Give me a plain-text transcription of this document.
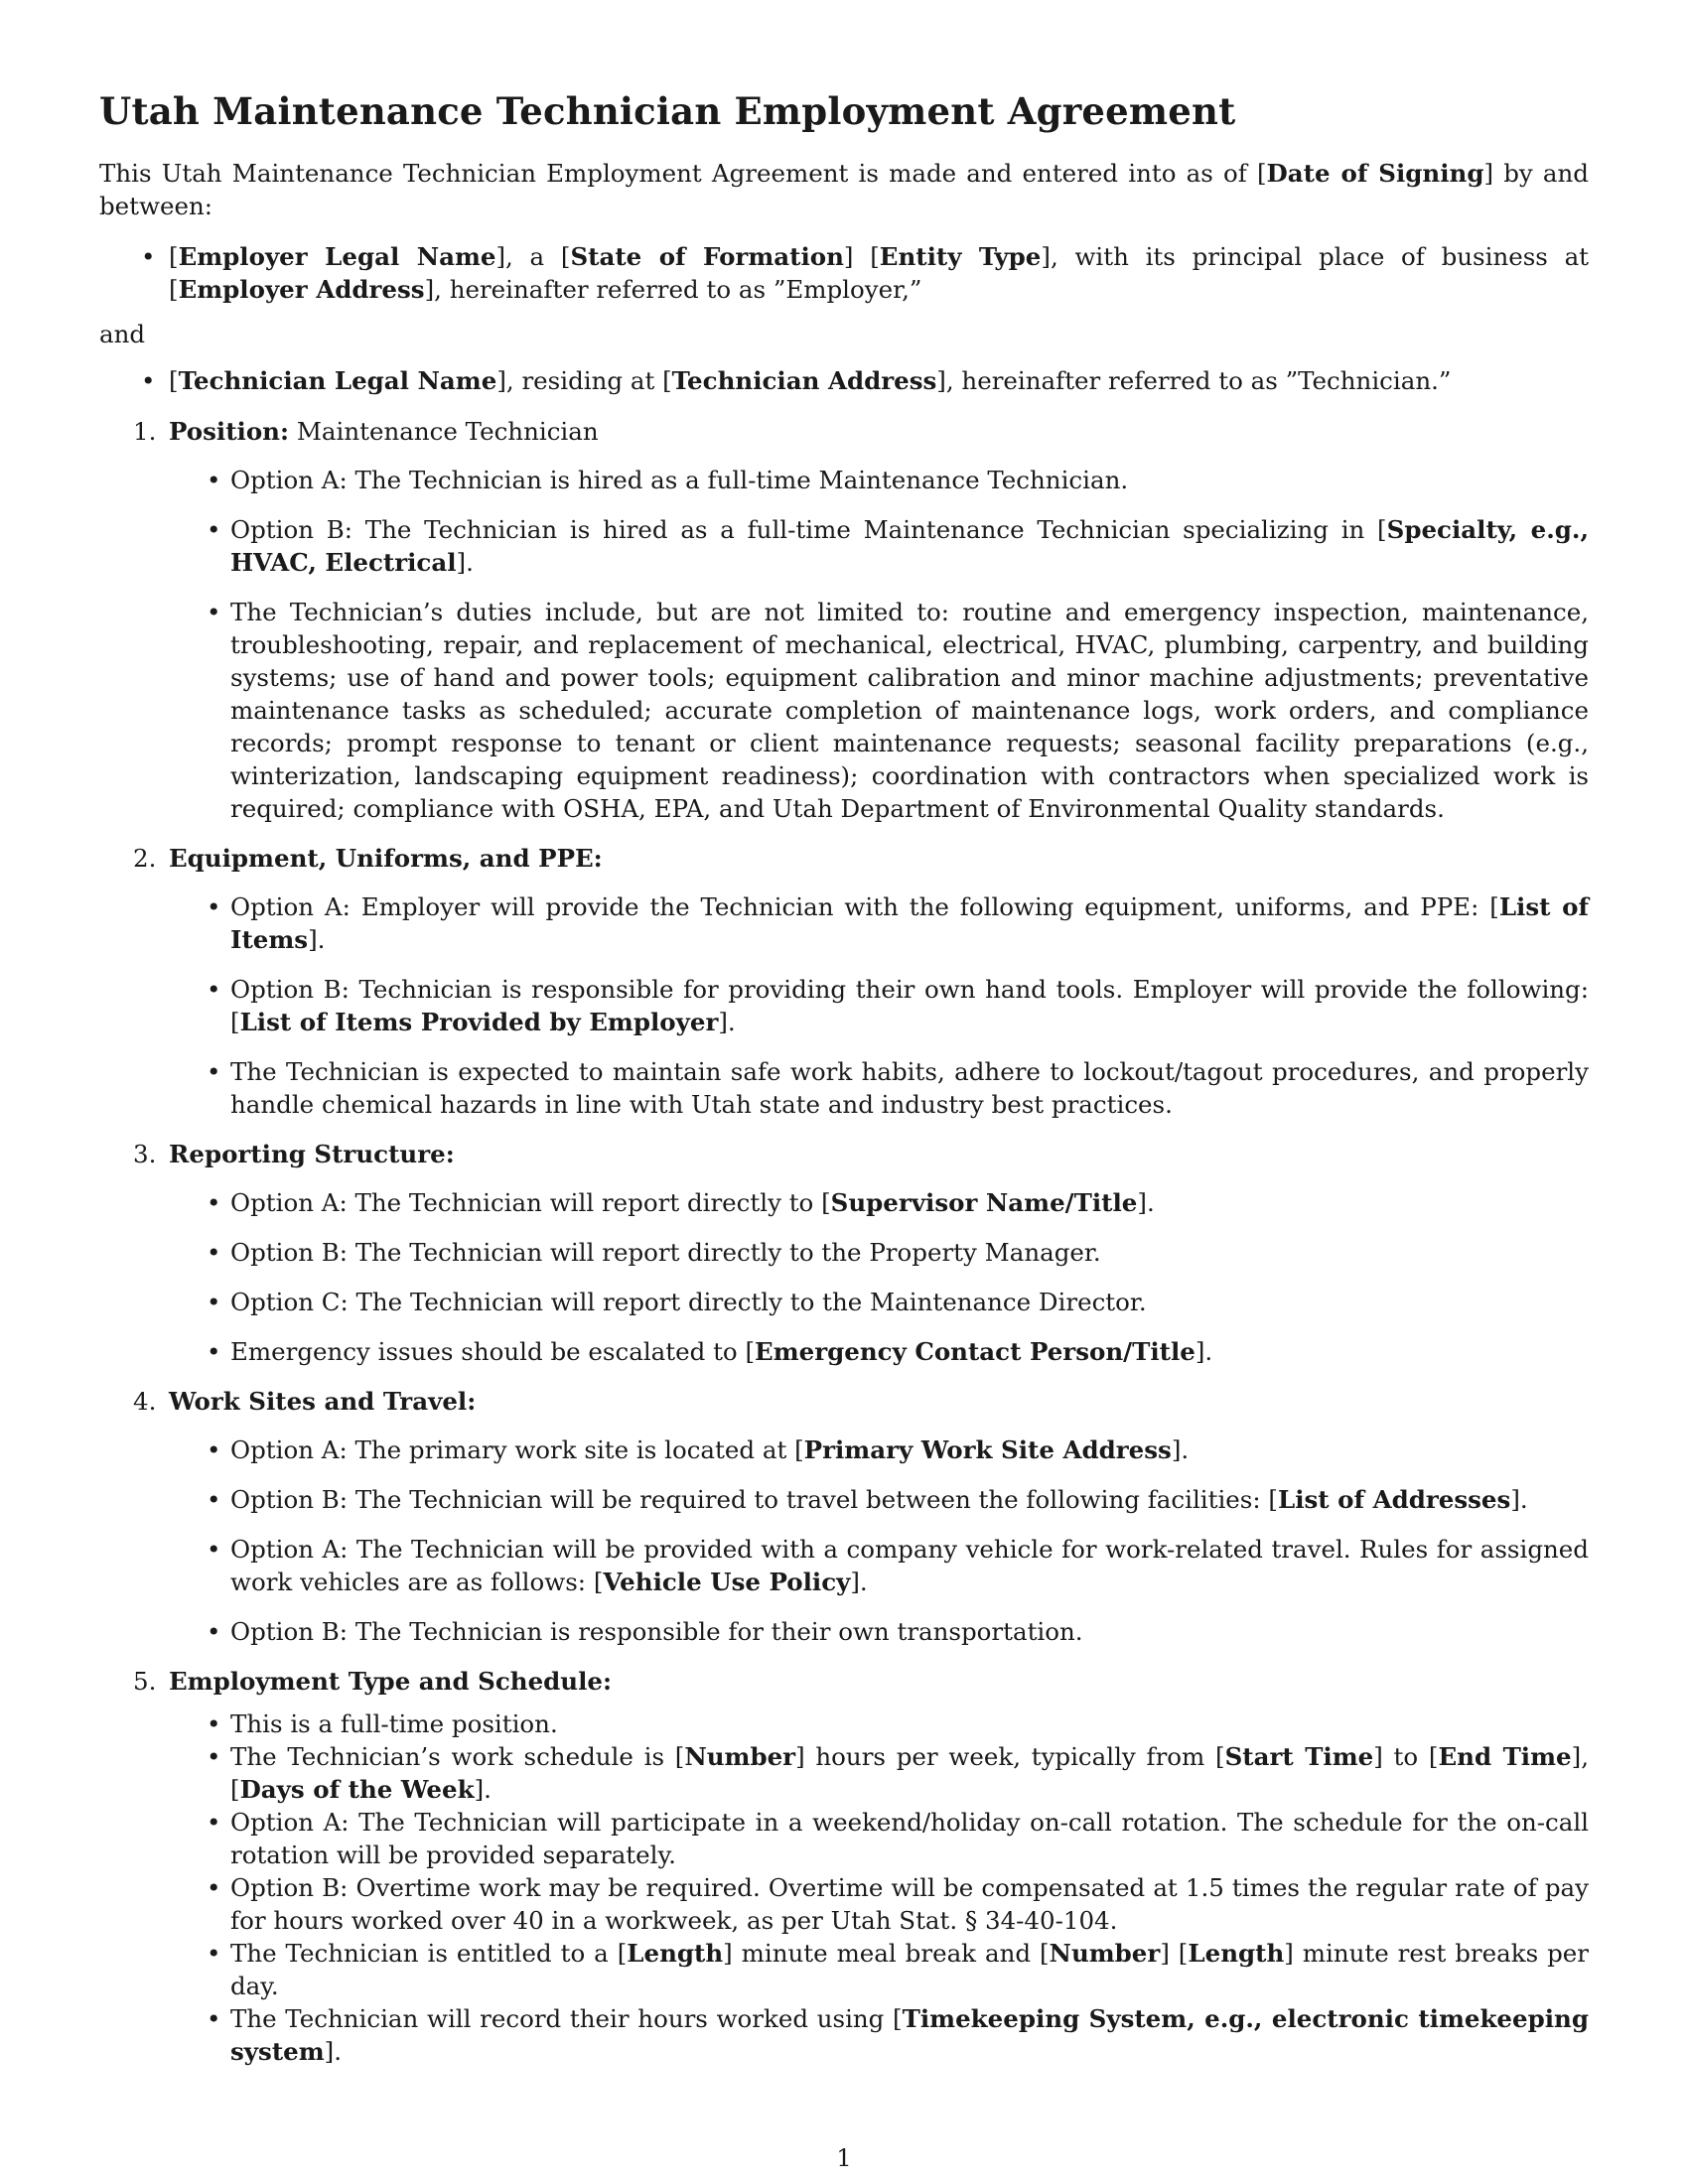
Utah Maintenance Technician Employment Agreement

This Utah Maintenance Technician Employment Agreement is made and entered into as of [Date of Signing] by and between:

• [Employer Legal Name], a [State of Formation] [Entity Type], with its principal place of business at [Employer Address], hereinafter referred to as ”Employer,”

and

• [Technician Legal Name], residing at [Technician Address], hereinafter referred to as ”Technician.”
1. Position: Maintenance Technician
• Option A: The Technician is hired as a full-time Maintenance Technician.
• Option B: The Technician is hired as a full-time Maintenance Technician specializing in [Specialty, e.g., HVAC, Electrical].
• The Technician’s duties include, but are not limited to: routine and emergency inspection, maintenance, troubleshooting, repair, and replacement of mechanical, electrical, HVAC, plumbing, carpentry, and building systems; use of hand and power tools; equipment calibration and minor machine adjustments; preventative maintenance tasks as scheduled; accurate completion of maintenance logs, work orders, and compliance records; prompt response to tenant or client maintenance requests; seasonal facility preparations (e.g., winterization, landscaping equipment readiness); coordination with contractors when specialized work is required; compliance with OSHA, EPA, and Utah Department of Environmental Quality standards.
2. Equipment, Uniforms, and PPE:
• Option A: Employer will provide the Technician with the following equipment, uniforms, and PPE: [List of Items].
• Option B: Technician is responsible for providing their own hand tools. Employer will provide the following: [List of Items Provided by Employer].
• The Technician is expected to maintain safe work habits, adhere to lockout/tagout procedures, and properly handle chemical hazards in line with Utah state and industry best practices.
3. Reporting Structure:
• Option A: The Technician will report directly to [Supervisor Name/Title].
• Option B: The Technician will report directly to the Property Manager.
• Option C: The Technician will report directly to the Maintenance Director.
• Emergency issues should be escalated to [Emergency Contact Person/Title].
4. Work Sites and Travel:
• Option A: The primary work site is located at [Primary Work Site Address].
• Option B: The Technician will be required to travel between the following facilities: [List of Addresses].
• Option A: The Technician will be provided with a company vehicle for work-related travel. Rules for assigned work vehicles are as follows: [Vehicle Use Policy].
• Option B: The Technician is responsible for their own transportation.
5. Employment Type and Schedule:
• This is a full-time position.
• The Technician’s work schedule is [Number] hours per week, typically from [Start Time] to [End Time], [Days of the Week].
• Option A: The Technician will participate in a weekend/holiday on-call rotation. The schedule for the on-call rotation will be provided separately.
• Option B: Overtime work may be required. Overtime will be compensated at 1.5 times the regular rate of pay for hours worked over 40 in a workweek, as per Utah Stat. § 34-40-104.
• The Technician is entitled to a [Length] minute meal break and [Number] [Length] minute rest breaks per day.
• The Technician will record their hours worked using [Timekeeping System, e.g., electronic timekeeping system].
1
